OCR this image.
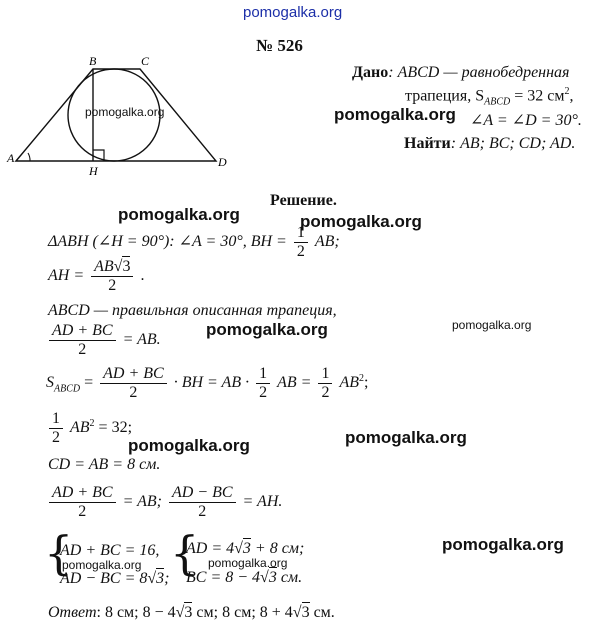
pomogalka.org
A
B	C
D
H
pomogalka.org
№ 526
Дано: ABCD — равнобедренная
трапеция, $S_{ABCD} = 32$ $см^2$,
pomogalka.org ∠A = ∠D = 30°.
Найти: AB; BC; CD; AD.
Решение.
pomogalka.org	pomogalka.org
ΔABH (∠H = 90°): ∠A = 30°, BH = $\frac{1}{2}$ AB;
AH = $\frac{AB√3}{2}$ .
ABCD — правильная описанная трапеция,
pomogalka.org	pomogalka.org
$\frac{AD + BC}{2}$ = AB.
$S_{ABCD} = \frac{AD + BC}{2}$ · BH = AB · $\frac{1}{2}$ AB = $\frac{1}{2} AB^2$;
$\frac{1}{2} AB^2 = 32$;
pomogalka.org	pomogalka.org
CD = AB = 8 см.
$\frac{AD + BC}{2}$ = AB; $\frac{AD - BC}{2}$ = AH.
pomogalka.org
{
AD + BC = 16,
pomogalka.org
AD − BC = 8√3; {
AD = 4√3 + 8 см;
pomogalka.org
BC = 8 − 4√3 см.
Ответ: 8 см; 8 − 4√3 см; 8 см; 8 + 4√3 см.
